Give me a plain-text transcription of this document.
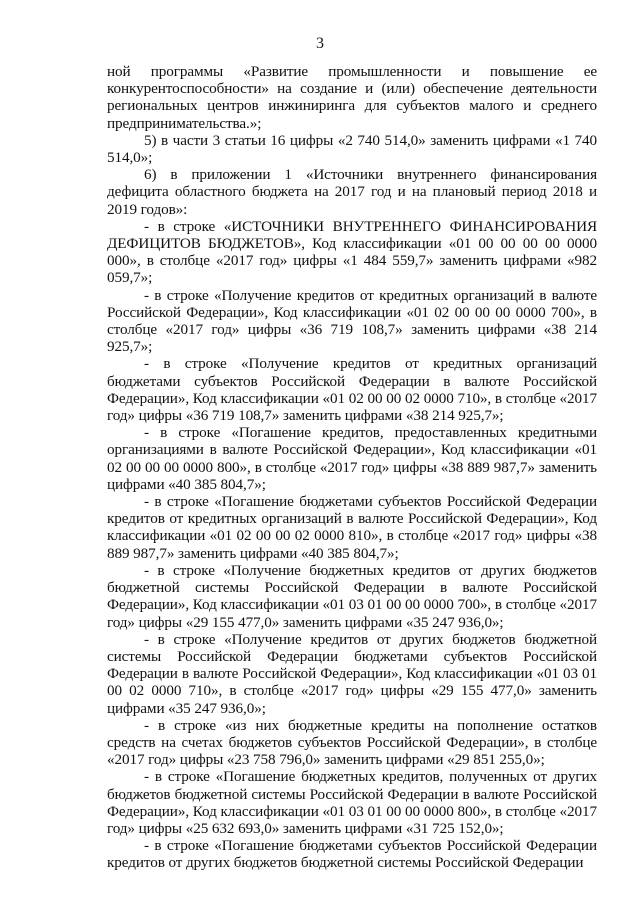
3

ной программы «Развитие промышленности и повышение ее конкурентоспособности» на создание и (или) обеспечение деятельности региональных центров инжиниринга для субъектов малого и среднего предпринимательства.»;

5) в части 3 статьи 16 цифры «2 740 514,0» заменить цифрами «1 740 514,0»;

6) в приложении 1 «Источники внутреннего финансирования дефицита областного бюджета на 2017 год и на плановый период 2018 и 2019 годов»:

- в строке «ИСТОЧНИКИ ВНУТРЕННЕГО ФИНАНСИРОВАНИЯ ДЕФИЦИТОВ БЮДЖЕТОВ», Код классификации «01 00 00 00 00 0000 000», в столбце «2017 год» цифры «1 484 559,7» заменить цифрами «982 059,7»;

- в строке «Получение кредитов от кредитных организаций в валюте Российской Федерации», Код классификации «01 02 00 00 00 0000 700», в столбце «2017 год» цифры «36 719 108,7» заменить цифрами «38 214 925,7»;

- в строке «Получение кредитов от кредитных организаций бюджетами субъектов Российской Федерации в валюте Российской Федерации», Код классификации «01 02 00 00 02 0000 710», в столбце «2017 год» цифры «36 719 108,7» заменить цифрами «38 214 925,7»;

- в строке «Погашение кредитов, предоставленных кредитными организациями в валюте Российской Федерации», Код классификации «01 02 00 00 00 0000 800», в столбце «2017 год» цифры «38 889 987,7» заменить цифрами «40 385 804,7»;

- в строке «Погашение бюджетами субъектов Российской Федерации кредитов от кредитных организаций в валюте Российской Федерации», Код классификации «01 02 00 00 02 0000 810», в столбце «2017 год» цифры «38 889 987,7» заменить цифрами «40 385 804,7»;

- в строке «Получение бюджетных кредитов от других бюджетов бюджетной системы Российской Федерации в валюте Российской Федерации», Код классификации «01 03 01 00 00 0000 700», в столбце «2017 год» цифры «29 155 477,0» заменить цифрами «35 247 936,0»;

- в строке «Получение кредитов от других бюджетов бюджетной системы Российской Федерации бюджетами субъектов Российской Федерации в валюте Российской Федерации», Код классификации «01 03 01 00 02 0000 710», в столбце «2017 год» цифры «29 155 477,0» заменить цифрами «35 247 936,0»;

- в строке «из них бюджетные кредиты на пополнение остатков средств на счетах бюджетов субъектов Российской Федерации», в столбце «2017 год» цифры «23 758 796,0» заменить цифрами «29 851 255,0»;

- в строке «Погашение бюджетных кредитов, полученных от других бюджетов бюджетной системы Российской Федерации в валюте Российской Федерации», Код классификации «01 03 01 00 00 0000 800», в столбце «2017 год» цифры «25 632 693,0» заменить цифрами «31 725 152,0»;

- в строке «Погашение бюджетами субъектов Российской Федерации кредитов от других бюджетов бюджетной системы Российской Федерации
